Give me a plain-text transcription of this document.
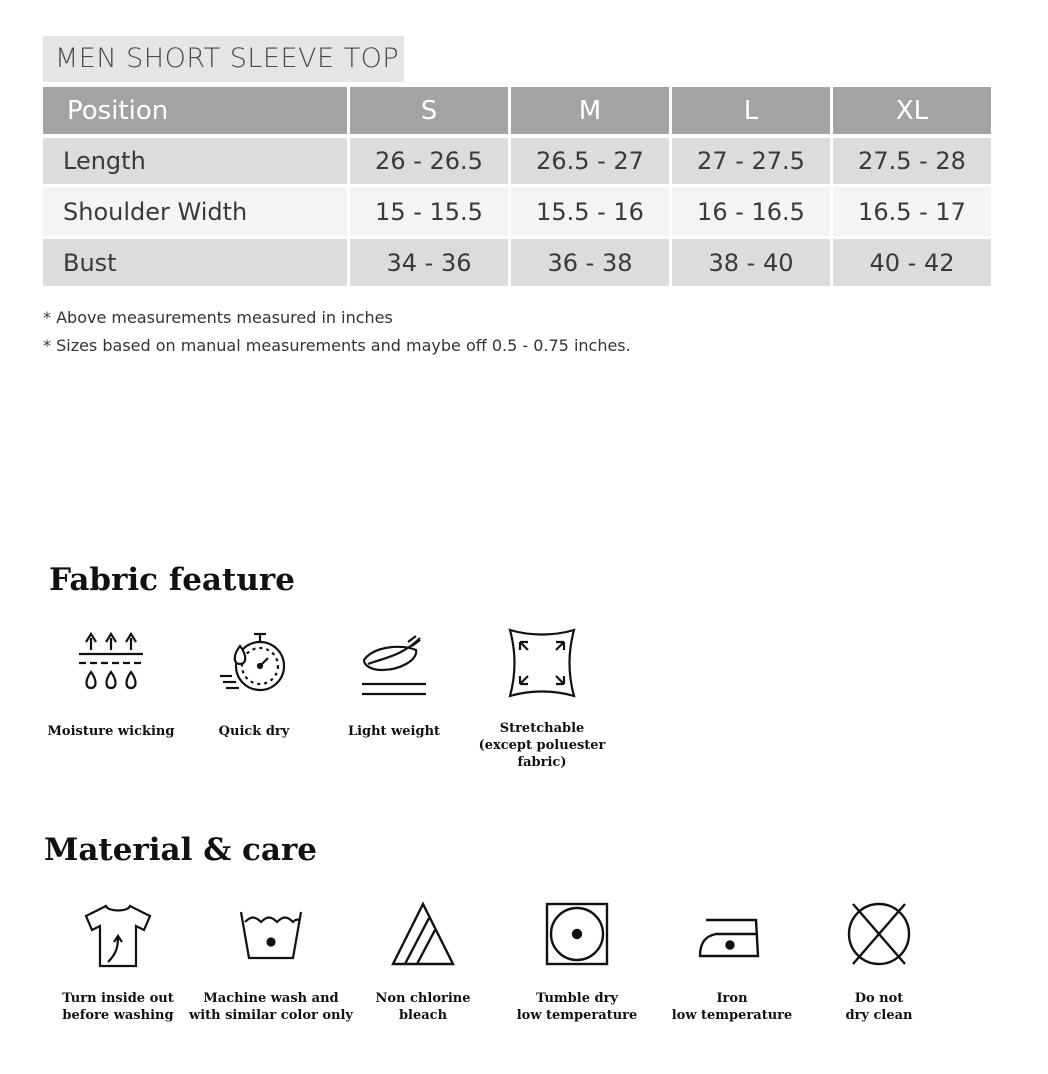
MEN SHORT SLEEVE TOP
Position	S	M	L	XL
Length	26 - 26.5	26.5 - 27	27 - 27.5	27.5 - 28
Shoulder Width	15 - 15.5	15.5 - 16	16 - 16.5	16.5 - 17
Bust	34 - 36	36 - 38	38 - 40	40 - 42
* Above measurements measured in inches
* Sizes based on manual measurements and maybe off 0.5 - 0.75 inches.
Fabric feature
Moisture wicking	Quick dry	Light weight	Stretchable
(except poluester fabric)
Material & care
Turn inside out
before washing
Machine wash and
with similar color only
Non chlorine
bleach
Tumble dry
low temperature
Iron
low temperature
Do not
dry clean
